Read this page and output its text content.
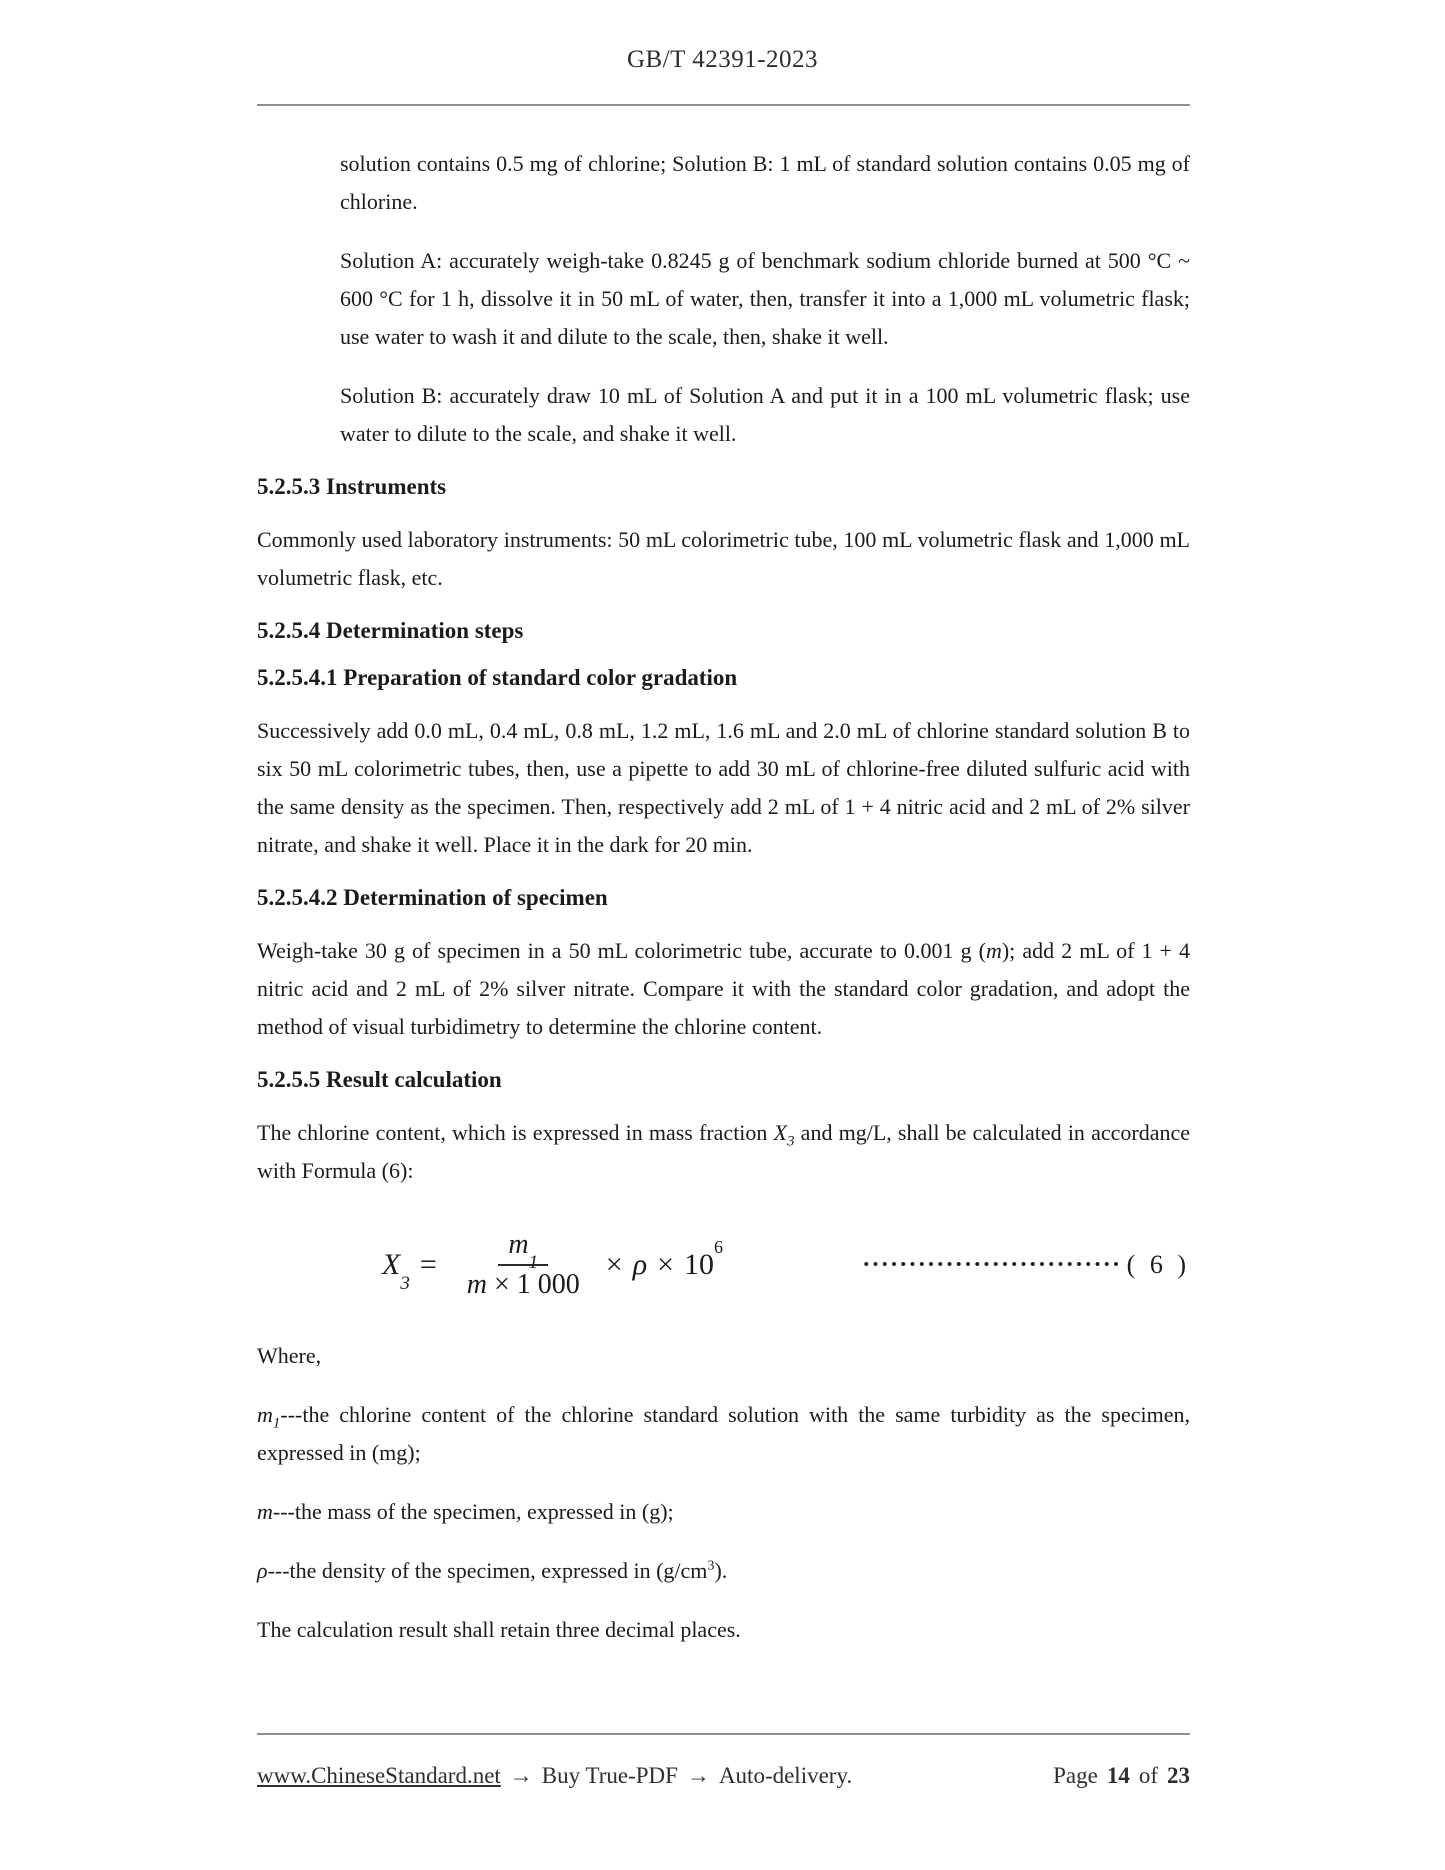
GB/T 42391-2023

solution contains 0.5 mg of chlorine; Solution B: 1 mL of standard solution contains 0.05 mg of chlorine.

Solution A: accurately weigh-take 0.8245 g of benchmark sodium chloride burned at 500 °C ~ 600 °C for 1 h, dissolve it in 50 mL of water, then, transfer it into a 1,000 mL volumetric flask; use water to wash it and dilute to the scale, then, shake it well.

Solution B: accurately draw 10 mL of Solution A and put it in a 100 mL volumetric flask; use water to dilute to the scale, and shake it well.

5.2.5.3 Instruments

Commonly used laboratory instruments: 50 mL colorimetric tube, 100 mL volumetric flask and 1,000 mL volumetric flask, etc.

5.2.5.4 Determination steps
5.2.5.4.1 Preparation of standard color gradation

Successively add 0.0 mL, 0.4 mL, 0.8 mL, 1.2 mL, 1.6 mL and 2.0 mL of chlorine standard solution B to six 50 mL colorimetric tubes, then, use a pipette to add 30 mL of chlorine-free diluted sulfuric acid with the same density as the specimen. Then, respectively add 2 mL of 1 + 4 nitric acid and 2 mL of 2% silver nitrate, and shake it well. Place it in the dark for 20 min.

5.2.5.4.2 Determination of specimen

Weigh-take 30 g of specimen in a 50 mL colorimetric tube, accurate to 0.001 g (m); add 2 mL of 1 + 4 nitric acid and 2 mL of 2% silver nitrate. Compare it with the standard color gradation, and adopt the method of visual turbidimetry to determine the chlorine content.

5.2.5.5 Result calculation

The chlorine content, which is expressed in mass fraction $X_3$ and mg/L, shall be calculated in accordance with Formula (6):

$X_3$
= $\frac{m_1}{m \times 1 000} \times \rho \times 10^6$
•••••••••••••••••••••••••••• ( 6 )

Where,

$m_1--$-the chlorine content of the chlorine standard solution with the same turbidity as the specimen, expressed in (mg);

m---the mass of the specimen, expressed in (g);

ρ---the density of the specimen, expressed in $(g/cm^3)$.

The calculation result shall retain three decimal places.

www.ChineseStandard.net → Buy True-PDF → Auto-delivery.	Page 14 of 23
